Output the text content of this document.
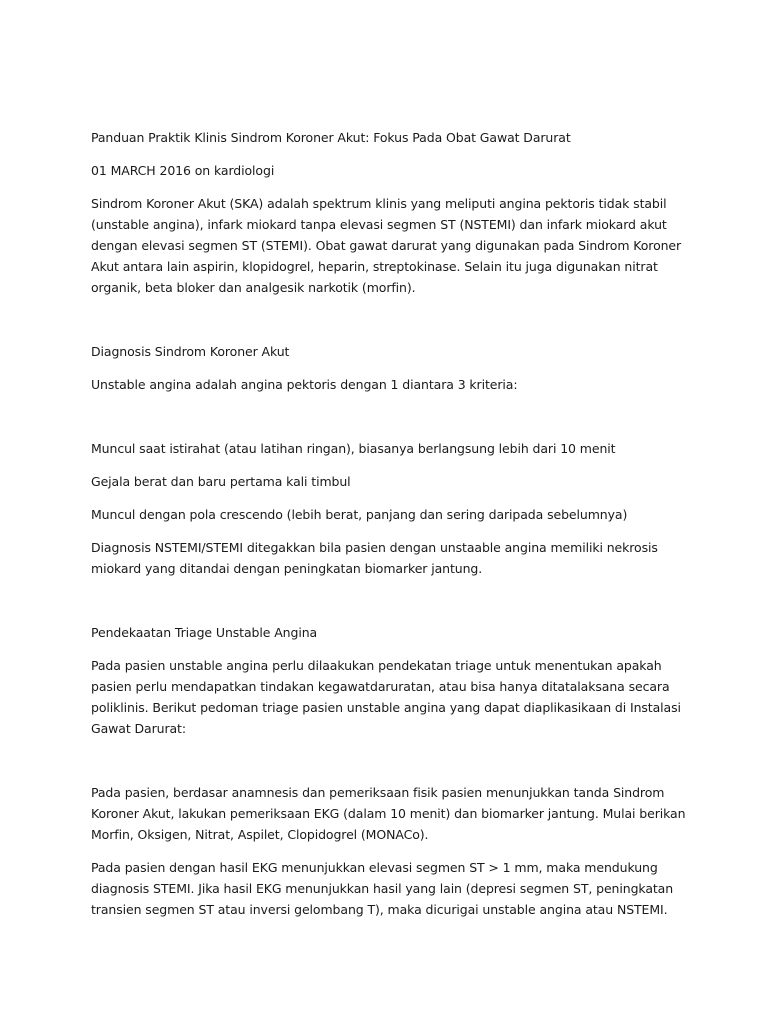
Panduan Praktik Klinis Sindrom Koroner Akut: Fokus Pada Obat Gawat Darurat

01 MARCH 2016 on kardiologi

Sindrom Koroner Akut (SKA) adalah spektrum klinis yang meliputi angina pektoris tidak stabil (unstable angina), infark miokard tanpa elevasi segmen ST (NSTEMI) dan infark miokard akut dengan elevasi segmen ST (STEMI). Obat gawat darurat yang digunakan pada Sindrom Koroner Akut antara lain aspirin, klopidogrel, heparin, streptokinase. Selain itu juga digunakan nitrat organik, beta bloker dan analgesik narkotik (morfin).

Diagnosis Sindrom Koroner Akut

Unstable angina adalah angina pektoris dengan 1 diantara 3 kriteria:

Muncul saat istirahat (atau latihan ringan), biasanya berlangsung lebih dari 10 menit

Gejala berat dan baru pertama kali timbul

Muncul dengan pola crescendo (lebih berat, panjang dan sering daripada sebelumnya)

Diagnosis NSTEMI/STEMI ditegakkan bila pasien dengan unstaable angina memiliki nekrosis miokard yang ditandai dengan peningkatan biomarker jantung.

Pendekaatan Triage Unstable Angina

Pada pasien unstable angina perlu dilaakukan pendekatan triage untuk menentukan apakah pasien perlu mendapatkan tindakan kegawatdaruratan, atau bisa hanya ditatalaksana secara poliklinis. Berikut pedoman triage pasien unstable angina yang dapat diaplikasikaan di Instalasi Gawat Darurat:

Pada pasien, berdasar anamnesis dan pemeriksaan fisik pasien menunjukkan tanda Sindrom Koroner Akut, lakukan pemeriksaan EKG (dalam 10 menit) dan biomarker jantung. Mulai berikan Morfin, Oksigen, Nitrat, Aspilet, Clopidogrel (MONACo).

Pada pasien dengan hasil EKG menunjukkan elevasi segmen ST > 1 mm, maka mendukung diagnosis STEMI. Jika hasil EKG menunjukkan hasil yang lain (depresi segmen ST, peningkatan transien segmen ST atau inversi gelombang T), maka dicurigai unstable angina atau NSTEMI.
